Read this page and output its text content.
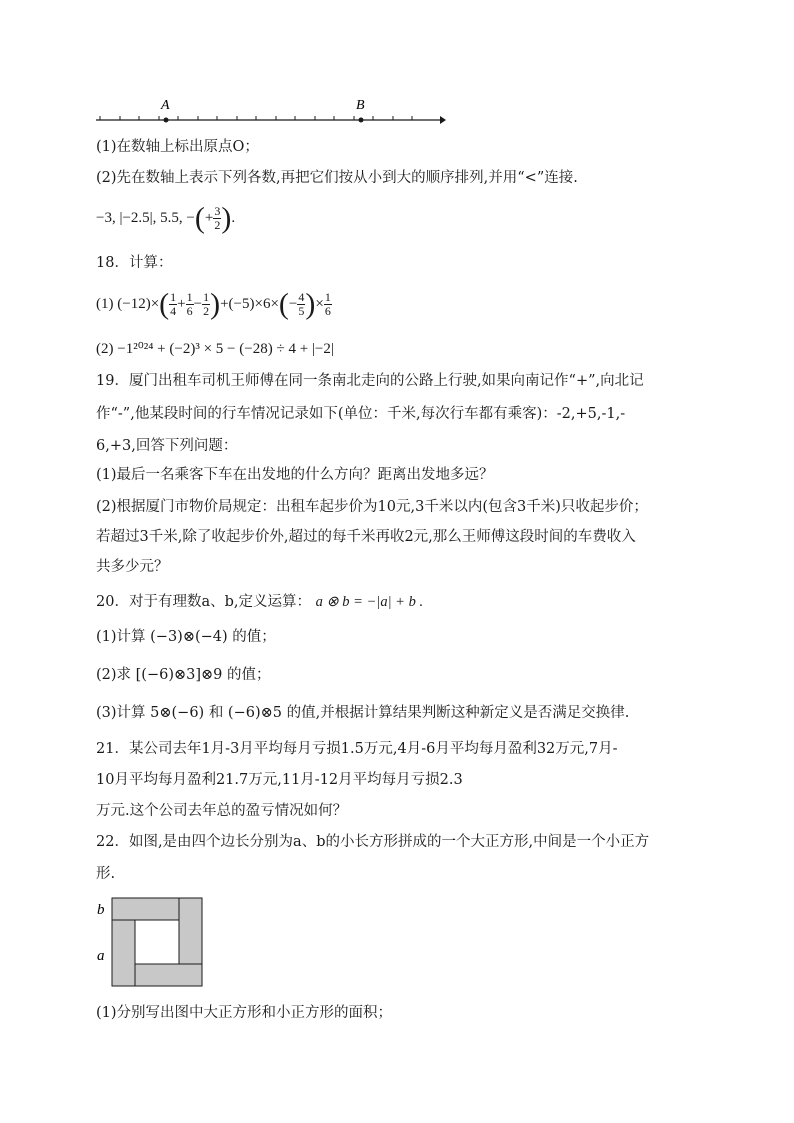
A	B
(1)在数轴上标出原点O；
(2)先在数轴上表示下列各数,再把它们按从小到大的顺序排列,并用“<”连接.
−3, |−2.5|, 5.5, −(+ $\frac{3}{2}$ ).
18．计算：
(1) $(-12)\times( \frac{1}{4} + \frac{1}{6} - \frac{1}{2} )+(-5)\times 6\times(- \frac{4}{5}$ )× $\frac{1}{6}$
(2) −1²⁰²⁴ + (−2)³ × 5 − (−28) ÷ 4 + |−2|
19．厦门出租车司机王师傅在同一条南北走向的公路上行驶,如果向南记作“+”,向北记
作“-”,他某段时间的行车情况记录如下(单位：千米,每次行车都有乘客)：-2,+5,-1,-
6,+3,回答下列问题：
(1)最后一名乘客下车在出发地的什么方向？距离出发地多远？
(2)根据厦门市物价局规定：出租车起步价为10元,3千米以内(包含3千米)只收起步价；
若超过3千米,除了收起步价外,超过的每千米再收2元,那么王师傅这段时间的车费收入
共多少元？
20．对于有理数a、b,定义运算： a ⊗ b = −|a| + b .
(1)计算 (−3)⊗(−4) 的值；
(2)求 [(−6)⊗3]⊗9 的值；
(3)计算 5⊗(−6) 和 (−6)⊗5 的值,并根据计算结果判断这种新定义是否满足交换律.
21．某公司去年1月-3月平均每月亏损1.5万元,4月-6月平均每月盈利32万元,7月-
10月平均每月盈利21.7万元,11月-12月平均每月亏损2.3
万元.这个公司去年总的盈亏情况如何？
22．如图,是由四个边长分别为a、b的小长方形拼成的一个大正方形,中间是一个小正方
形.
b
a
(1)分别写出图中大正方形和小正方形的面积；
